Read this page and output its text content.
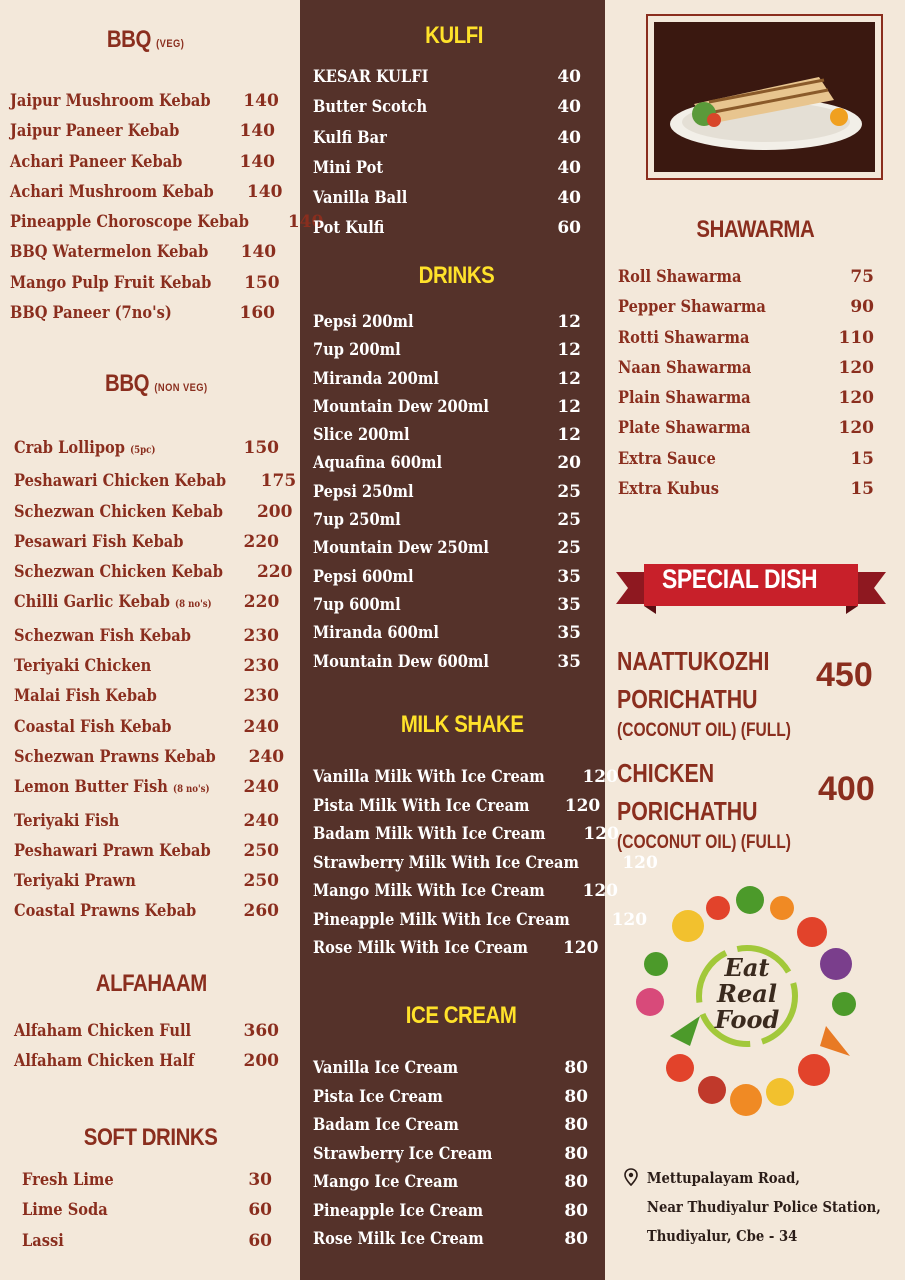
BBQ (VEG)
Jaipur Mushroom Kebab 140
Jaipur Paneer Kebab	140
Achari Paneer Kebab	140
Achari Mushroom Kebab 140
Pineapple Choroscope Kebab 140
BBQ Watermelon Kebab 140
Mango Pulp Fruit Kebab 150
BBQ Paneer (7no's)	160
BBQ (NON VEG)
Crab Lollipop (5pc)	150
Peshawari Chicken Kebab 175
Schezwan Chicken Kebab 200
Pesawari Fish Kebab	220
Schezwan Chicken Kebab 220
Chilli Garlic Kebab (8 no's) 220
Schezwan Fish Kebab	230
Teriyaki Chicken	230
Malai Fish Kebab	230
Coastal Fish Kebab	240
Schezwan Prawns Kebab 240
Lemon Butter Fish (8 no's) 240
Teriyaki Fish	240
Peshawari Prawn Kebab 250
Teriyaki Prawn	250
Coastal Prawns Kebab	260
ALFAHAAM
Alfaham Chicken Full	360
Alfaham Chicken Half	200
SOFT DRINKS
Fresh Lime	30
Lime Soda	60
Lassi	60
KULFI
KESAR KULFI	40
Butter Scotch	40
Kulfi Bar	40
Mini Pot	40
Vanilla Ball	40
Pot Kulfi	60
DRINKS
Pepsi 200ml	12
7up 200ml	12
Miranda 200ml	12
Mountain Dew 200ml	12
Slice 200ml	12
Aquafina 600ml	20
Pepsi 250ml	25
7up 250ml	25
Mountain Dew 250ml	25
Pepsi 600ml	35
7up 600ml	35
Miranda 600ml	35
Mountain Dew 600ml	35
MILK SHAKE
Vanilla Milk With Ice Cream 120
Pista Milk With Ice Cream 120
Badam Milk With Ice Cream 120
Strawberry Milk With Ice Cream	120
Mango Milk With Ice Cream 120
Pineapple Milk With Ice Cream 120
Rose Milk With Ice Cream 120
ICE CREAM
Vanilla Ice Cream	80
Pista Ice Cream	80
Badam Ice Cream	80
Strawberry Ice Cream	80
Mango Ice Cream	80
Pineapple Ice Cream	80
Rose Milk Ice Cream	80
SHAWARMA
Roll Shawarma	75
Pepper Shawarma	90
Rotti Shawarma	110
Naan Shawarma	120
Plain Shawarma	120
Plate Shawarma	120
Extra Sauce	15
Extra Kubus	15
SPECIAL DISH
NAATTUKOZHI
PORICHATHU
(COCONUT OIL) (FULL)
450
CHICKEN
PORICHATHU
(COCONUT OIL) (FULL)
400
Eat
Real
Food
Mettupalayam Road,
Near Thudiyalur Police Station,
Thudiyalur, Cbe - 34
